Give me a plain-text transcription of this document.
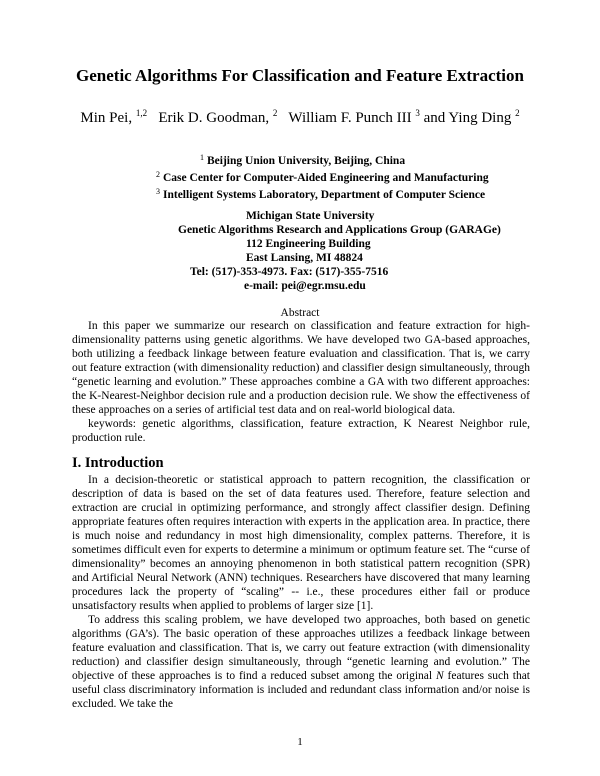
Genetic Algorithms For Classification and Feature Extraction
Min Pei, $^{1,2}$ Erik D. Goodman, $^2$ William F. Punch III $^3$ and Ying Ding $^2$
$^1$ Beijing Union University, Beijing, China
$^2$ Case Center for Computer-Aided Engineering and Manufacturing
$^3$ Intelligent Systems Laboratory, Department of Computer Science
Michigan State University
Genetic Algorithms Research and Applications Group (GARAGe)
112 Engineering Building
East Lansing, MI 48824
Tel: (517)-353-4973. Fax: (517)-355-7516
e-mail: pei@egr.msu.edu
Abstract

In this paper we summarize our research on classification and feature extraction for high-dimensionality patterns using genetic algorithms. We have developed two GA-based approaches, both utilizing a feedback linkage between feature evaluation and classification. That is, we carry out feature extraction (with dimensionality reduction) and classifier design simultaneously, through “genetic learning and evolution.” These approaches combine a GA with two different approaches: the K-Nearest-Neighbor decision rule and a production decision rule. We show the effectiveness of these approaches on a series of artificial test data and on real-world biological data.

keywords: genetic algorithms, classification, feature extraction, K Nearest Neighbor rule, production rule.

I. Introduction

In a decision-theoretic or statistical approach to pattern recognition, the classification or description of data is based on the set of data features used. Therefore, feature selection and extraction are crucial in optimizing performance, and strongly affect classifier design. Defining appropriate features often requires interaction with experts in the application area. In practice, there is much noise and redundancy in most high dimensionality, complex patterns. Therefore, it is sometimes difficult even for experts to determine a minimum or optimum feature set. The “curse of dimensionality” becomes an annoying phenomenon in both statistical pattern recognition (SPR) and Artificial Neural Network (ANN) techniques. Researchers have discovered that many learning procedures lack the property of “scaling” -- i.e., these procedures either fail or produce unsatisfactory results when applied to problems of larger size [1].

To address this scaling problem, we have developed two approaches, both based on genetic algorithms (GA’s). The basic operation of these approaches utilizes a feedback linkage between feature evaluation and classification. That is, we carry out feature extraction (with dimensionality reduction) and classifier design simultaneously, through “genetic learning and evolution.” The objective of these approaches is to find a reduced subset among the original N features such that useful class discriminatory information is included and redundant class information and/or noise is excluded. We take the

1
